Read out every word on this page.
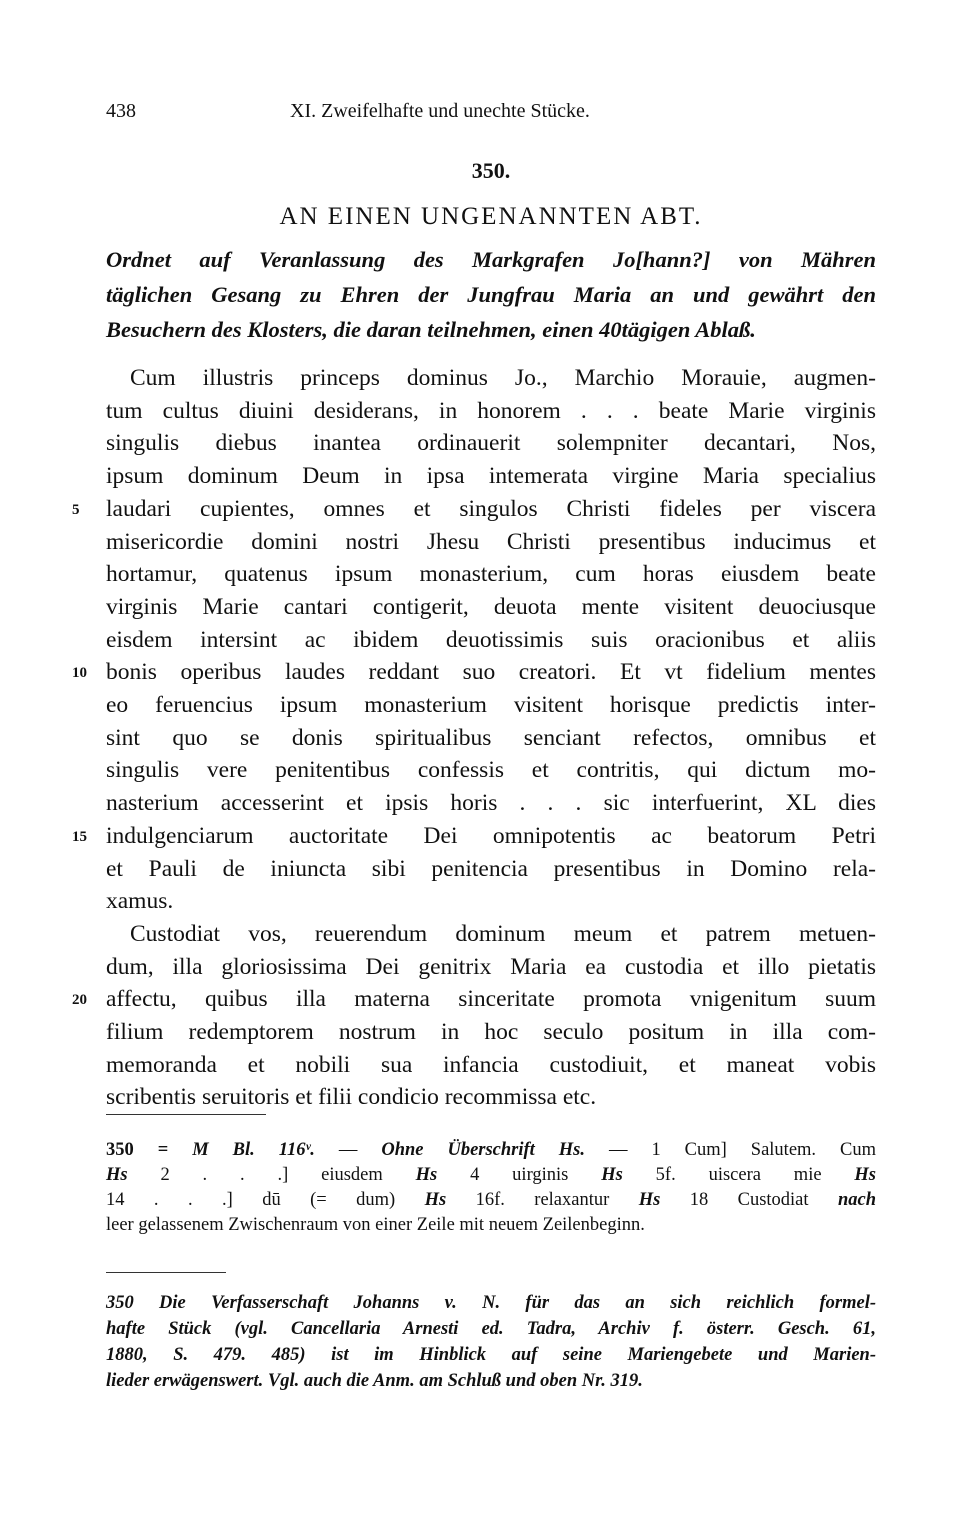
438	XI. Zweifelhafte und unechte Stücke.
350.
AN EINEN UNGENANNTEN ABT.
Ordnet auf Veranlassung des Markgrafen Jo[hann?] von Mähren
täglichen Gesang zu Ehren der Jungfrau Maria an und gewährt den
Besuchern des Klosters, die daran teilnehmen, einen 40tägigen Ablaß.
Cum illustris princeps dominus Jo., Marchio Morauie, augmen-
tum cultus diuini desiderans, in honorem . . . beate Marie virginis
singulis diebus inantea ordinauerit solempniter decantari, Nos,
ipsum dominum Deum in ipsa intemerata virgine Maria specialius
laudari cupientes, omnes et singulos Christi fideles per viscera
5
misericordie domini nostri Jhesu Christi presentibus inducimus et
hortamur, quatenus ipsum monasterium, cum horas eiusdem beate
virginis Marie cantari contigerit, deuota mente visitent deuociusque
eisdem intersint ac ibidem deuotissimis suis oracionibus et aliis
bonis operibus laudes reddant suo creatori. Et vt fidelium mentes
10
eo feruencius ipsum monasterium visitent horisque predictis inter-
sint quo se donis spiritualibus senciant refectos, omnibus et
singulis vere penitentibus confessis et contritis, qui dictum mo-
nasterium accesserint et ipsis horis . . . sic interfuerint, XL dies
indulgenciarum auctoritate Dei omnipotentis ac beatorum Petri
15
et Pauli de iniuncta sibi penitencia presentibus in Domino rela-
xamus.
Custodiat vos, reuerendum dominum meum et patrem metuen-
dum, illa gloriosissima Dei genitrix Maria ea custodia et illo pietatis
affectu, quibus illa materna sinceritate promota vnigenitum suum
20
filium redemptorem nostrum in hoc seculo positum in illa com-
memoranda et nobili sua infancia custodiuit, et maneat vobis
scribentis seruitoris et filii condicio recommissa etc.
350 = M Bl. 116ᵛ. — Ohne Überschrift Hs. — 1 Cum] Salutem. Cum
Hs 2 . . .] eiusdem Hs 4 uirginis Hs 5f. uiscera mie Hs
14 . . .] dū (= dum) Hs 16f. relaxantur Hs 18 Custodiat nach
leer gelassenem Zwischenraum von einer Zeile mit neuem Zeilenbeginn.
350 Die Verfasserschaft Johanns v. N. für das an sich reichlich formel-
hafte Stück (vgl. Cancellaria Arnesti ed. Tadra, Archiv f. österr. Gesch. 61,
1880, S. 479. 485) ist im Hinblick auf seine Mariengebete und Marien-
lieder erwägenswert. Vgl. auch die Anm. am Schluß und oben Nr. 319.
